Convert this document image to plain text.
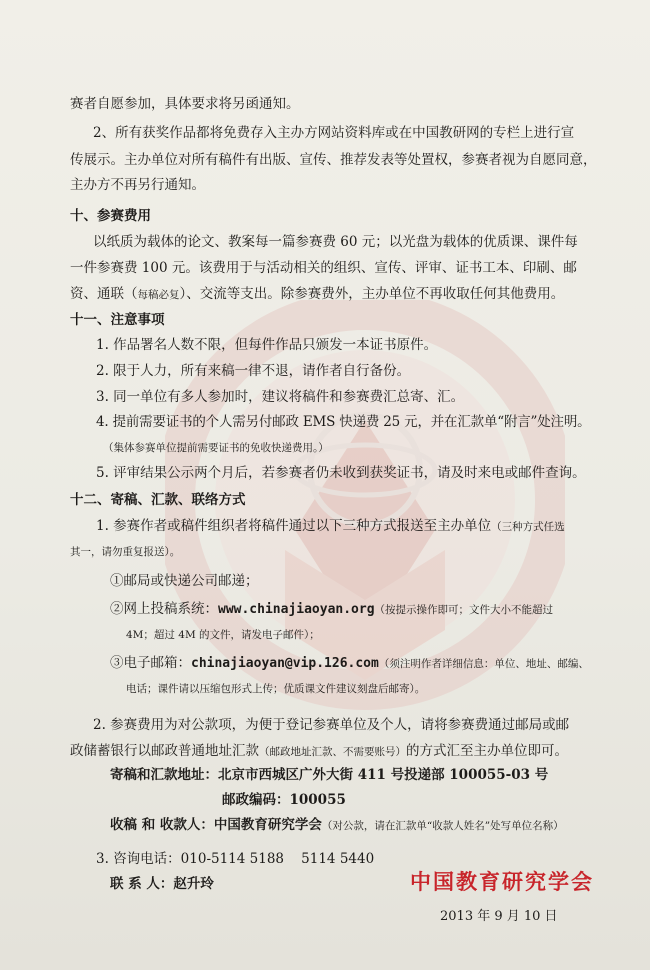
赛者自愿参加，具体要求将另函通知。
2、所有获奖作品都将免费存入主办方网站资料库或在中国教研网的专栏上进行宣
传展示。主办单位对所有稿件有出版、宣传、推荐发表等处置权，参赛者视为自愿同意，
主办方不再另行通知。
十、参赛费用
以纸质为载体的论文、教案每一篇参赛费 60 元；以光盘为载体的优质课、课件每
一件参赛费 100 元。该费用于与活动相关的组织、宣传、评审、证书工本、印刷、邮
资、通联（每稿必复）、交流等支出。除参赛费外，主办单位不再收取任何其他费用。
十一、注意事项
1. 作品署名人数不限，但每件作品只颁发一本证书原件。
2. 限于人力，所有来稿一律不退，请作者自行备份。
3. 同一单位有多人参加时，建议将稿件和参赛费汇总寄、汇。
4. 提前需要证书的个人需另付邮政 EMS 快递费 25 元，并在汇款单“附言”处注明。
（集体参赛单位提前需要证书的免收快递费用。）
5. 评审结果公示两个月后，若参赛者仍未收到获奖证书，请及时来电或邮件查询。
十二、寄稿、汇款、联络方式
1. 参赛作者或稿件组织者将稿件通过以下三种方式报送至主办单位（三种方式任选
其一，请勿重复报送）。
①邮局或快递公司邮递；
②网上投稿系统：www.chinajiaoyan.org（按提示操作即可；文件大小不能超过
4M；超过 4M 的文件，请发电子邮件）；
③电子邮箱：chinajiaoyan@vip.126.com（须注明作者详细信息：单位、地址、邮编、
电话；课件请以压缩包形式上传；优质课文件建议刻盘后邮寄）。
2. 参赛费用为对公款项，为便于登记参赛单位及个人，请将参赛费通过邮局或邮
政储蓄银行以邮政普通地址汇款（邮政地址汇款、不需要账号）的方式汇至主办单位即可。
寄稿和汇款地址：北京市西城区广外大街 411 号投递部 100055-03 号
邮政编码：100055
收稿 和 收款人：中国教育研究学会（对公款，请在汇款单“收款人姓名”处写单位名称）
3. 咨询电话：010-5114 5188    5114 5440
联 系 人：赵升玲	中国教育研究学会
2013 年 9 月 10 日
